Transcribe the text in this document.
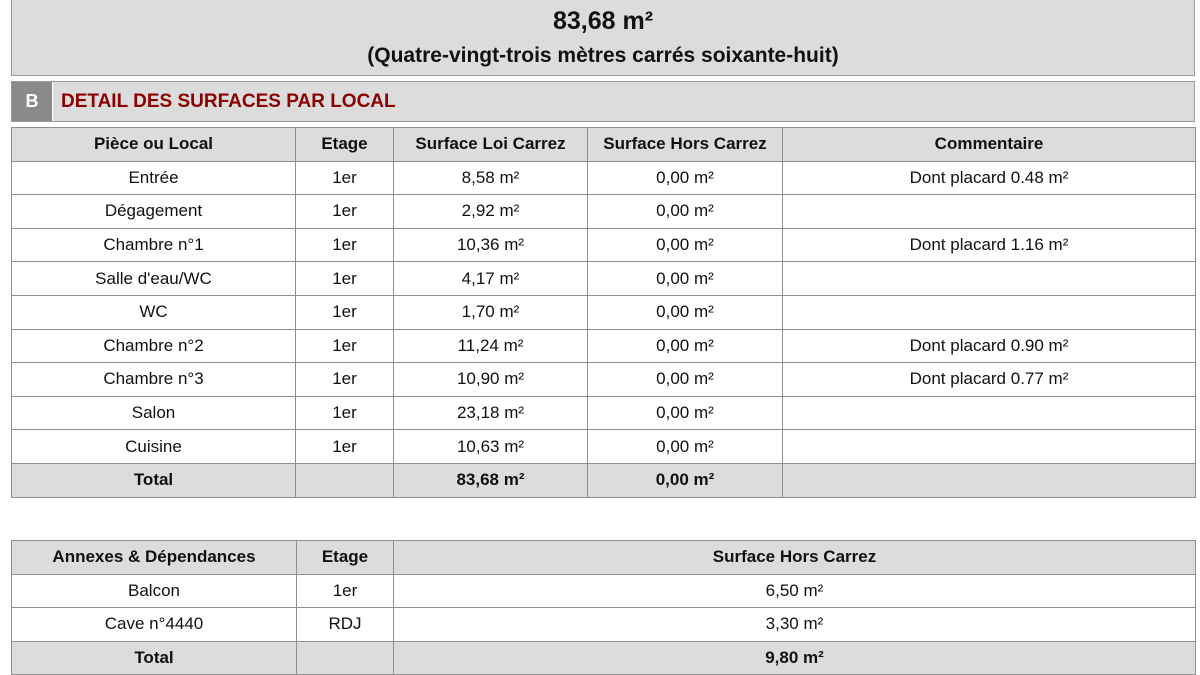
83,68 m²
(Quatre-vingt-trois mètres carrés soixante-huit)
B	DETAIL DES SURFACES PAR LOCAL
Pièce ou Local	Etage	Surface Loi Carrez	Surface Hors Carrez	Commentaire
Entrée	1er	8,58 m²	0,00 m²	Dont placard 0.48 m²
Dégagement	1er	2,92 m²	0,00 m²	
Chambre n°1	1er	10,36 m²	0,00 m²	Dont placard 1.16 m²
Salle d'eau/WC	1er	4,17 m²	0,00 m²	
WC	1er	1,70 m²	0,00 m²	
Chambre n°2	1er	11,24 m²	0,00 m²	Dont placard 0.90 m²
Chambre n°3	1er	10,90 m²	0,00 m²	Dont placard 0.77 m²
Salon	1er	23,18 m²	0,00 m²	
Cuisine	1er	10,63 m²	0,00 m²	
Total		83,68 m²	0,00 m²	
Annexes & Dépendances	Etage	Surface Hors Carrez
Balcon	1er	6,50 m²
Cave n°4440	RDJ	3,30 m²
Total		9,80 m²
